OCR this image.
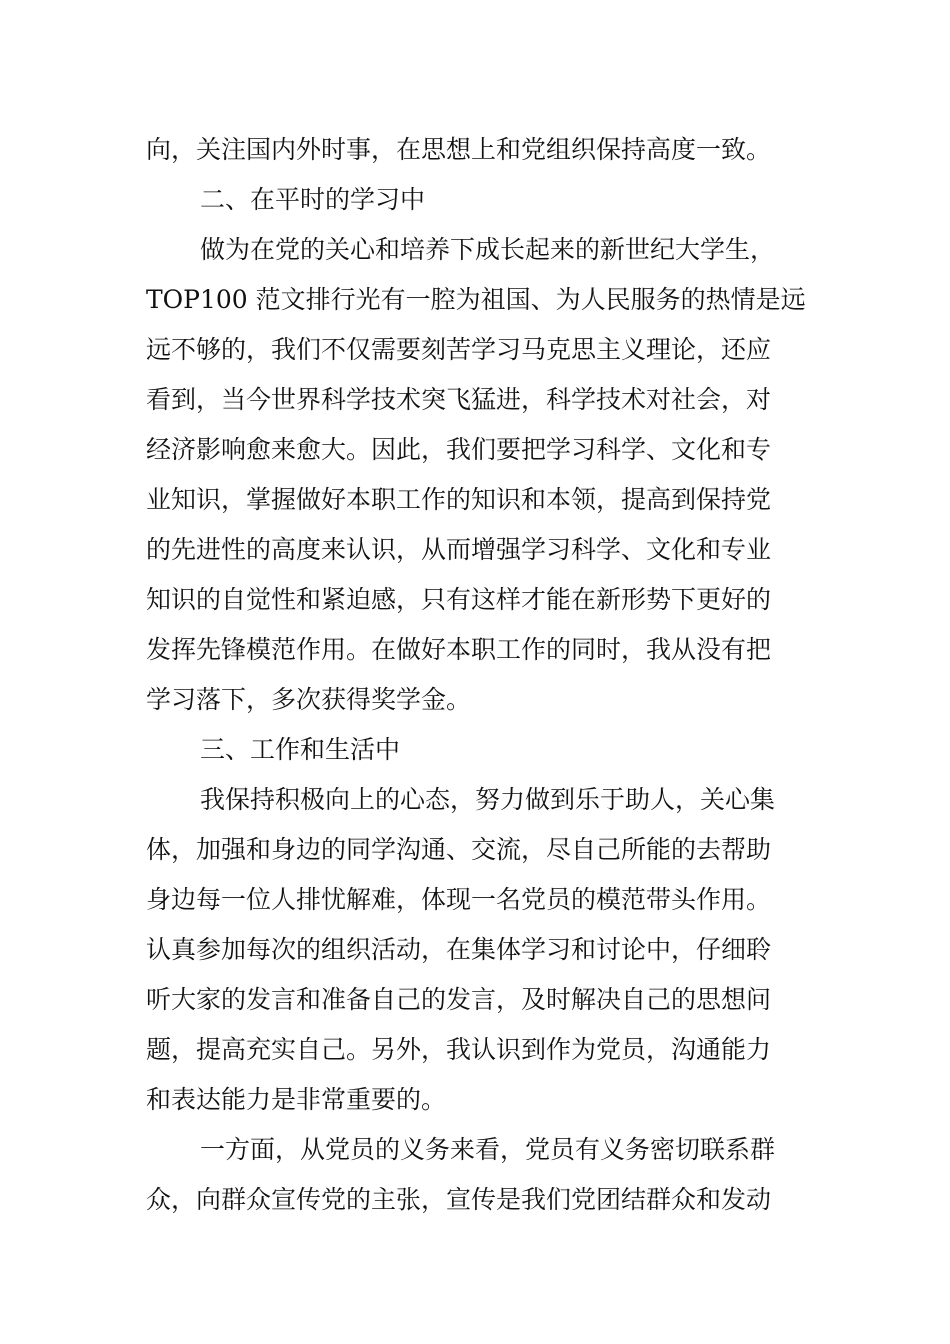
向，关注国内外时事，在思想上和党组织保持高度一致。
二、在平时的学习中
做为在党的关心和培养下成长起来的新世纪大学生，
TOP100 范文排行光有一腔为祖国、为人民服务的热情是远
远不够的，我们不仅需要刻苦学习马克思主义理论，还应
看到，当今世界科学技术突飞猛进，科学技术对社会，对
经济影响愈来愈大。因此，我们要把学习科学、文化和专
业知识，掌握做好本职工作的知识和本领，提高到保持党
的先进性的高度来认识，从而增强学习科学、文化和专业
知识的自觉性和紧迫感，只有这样才能在新形势下更好的
发挥先锋模范作用。在做好本职工作的同时，我从没有把
学习落下，多次获得奖学金。
三、工作和生活中
我保持积极向上的心态，努力做到乐于助人，关心集
体，加强和身边的同学沟通、交流，尽自己所能的去帮助
身边每一位人排忧解难，体现一名党员的模范带头作用。
认真参加每次的组织活动，在集体学习和讨论中，仔细聆
听大家的发言和准备自己的发言，及时解决自己的思想问
题，提高充实自己。另外，我认识到作为党员，沟通能力
和表达能力是非常重要的。
一方面，从党员的义务来看，党员有义务密切联系群
众，向群众宣传党的主张，宣传是我们党团结群众和发动
